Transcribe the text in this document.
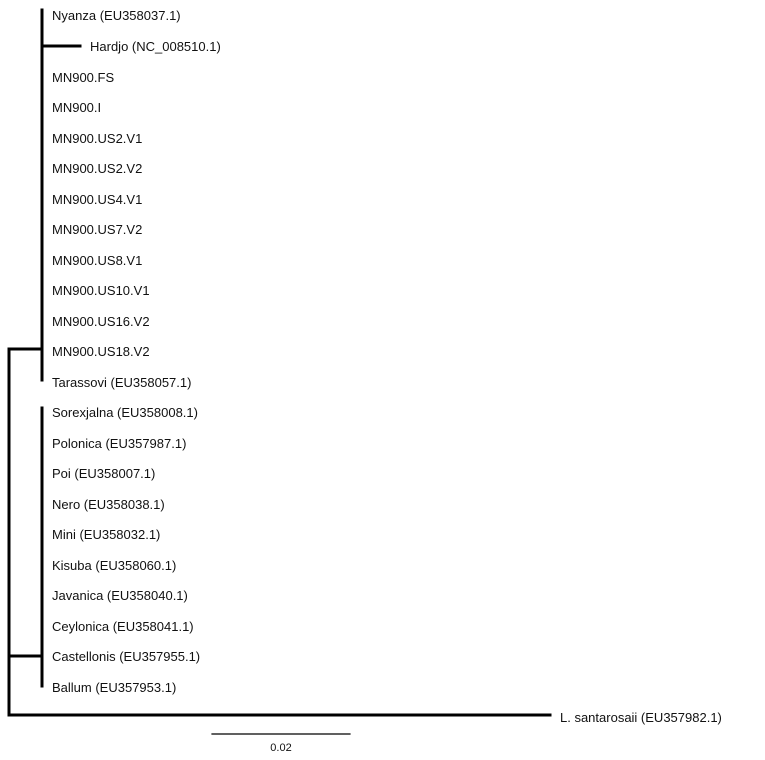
Nyanza (EU358037.1)
Hardjo (NC_008510.1)
MN900.FS
MN900.I
MN900.US2.V1
MN900.US2.V2
MN900.US4.V1
MN900.US7.V2
MN900.US8.V1
MN900.US10.V1
MN900.US16.V2
MN900.US18.V2
Tarassovi (EU358057.1)
Sorexjalna (EU358008.1)
Polonica (EU357987.1)
Poi (EU358007.1)
Nero (EU358038.1)
Mini (EU358032.1)
Kisuba (EU358060.1)
Javanica (EU358040.1)
Ceylonica (EU358041.1)
Castellonis (EU357955.1)
Ballum (EU357953.1)
L. santarosaii (EU357982.1)
0.02
